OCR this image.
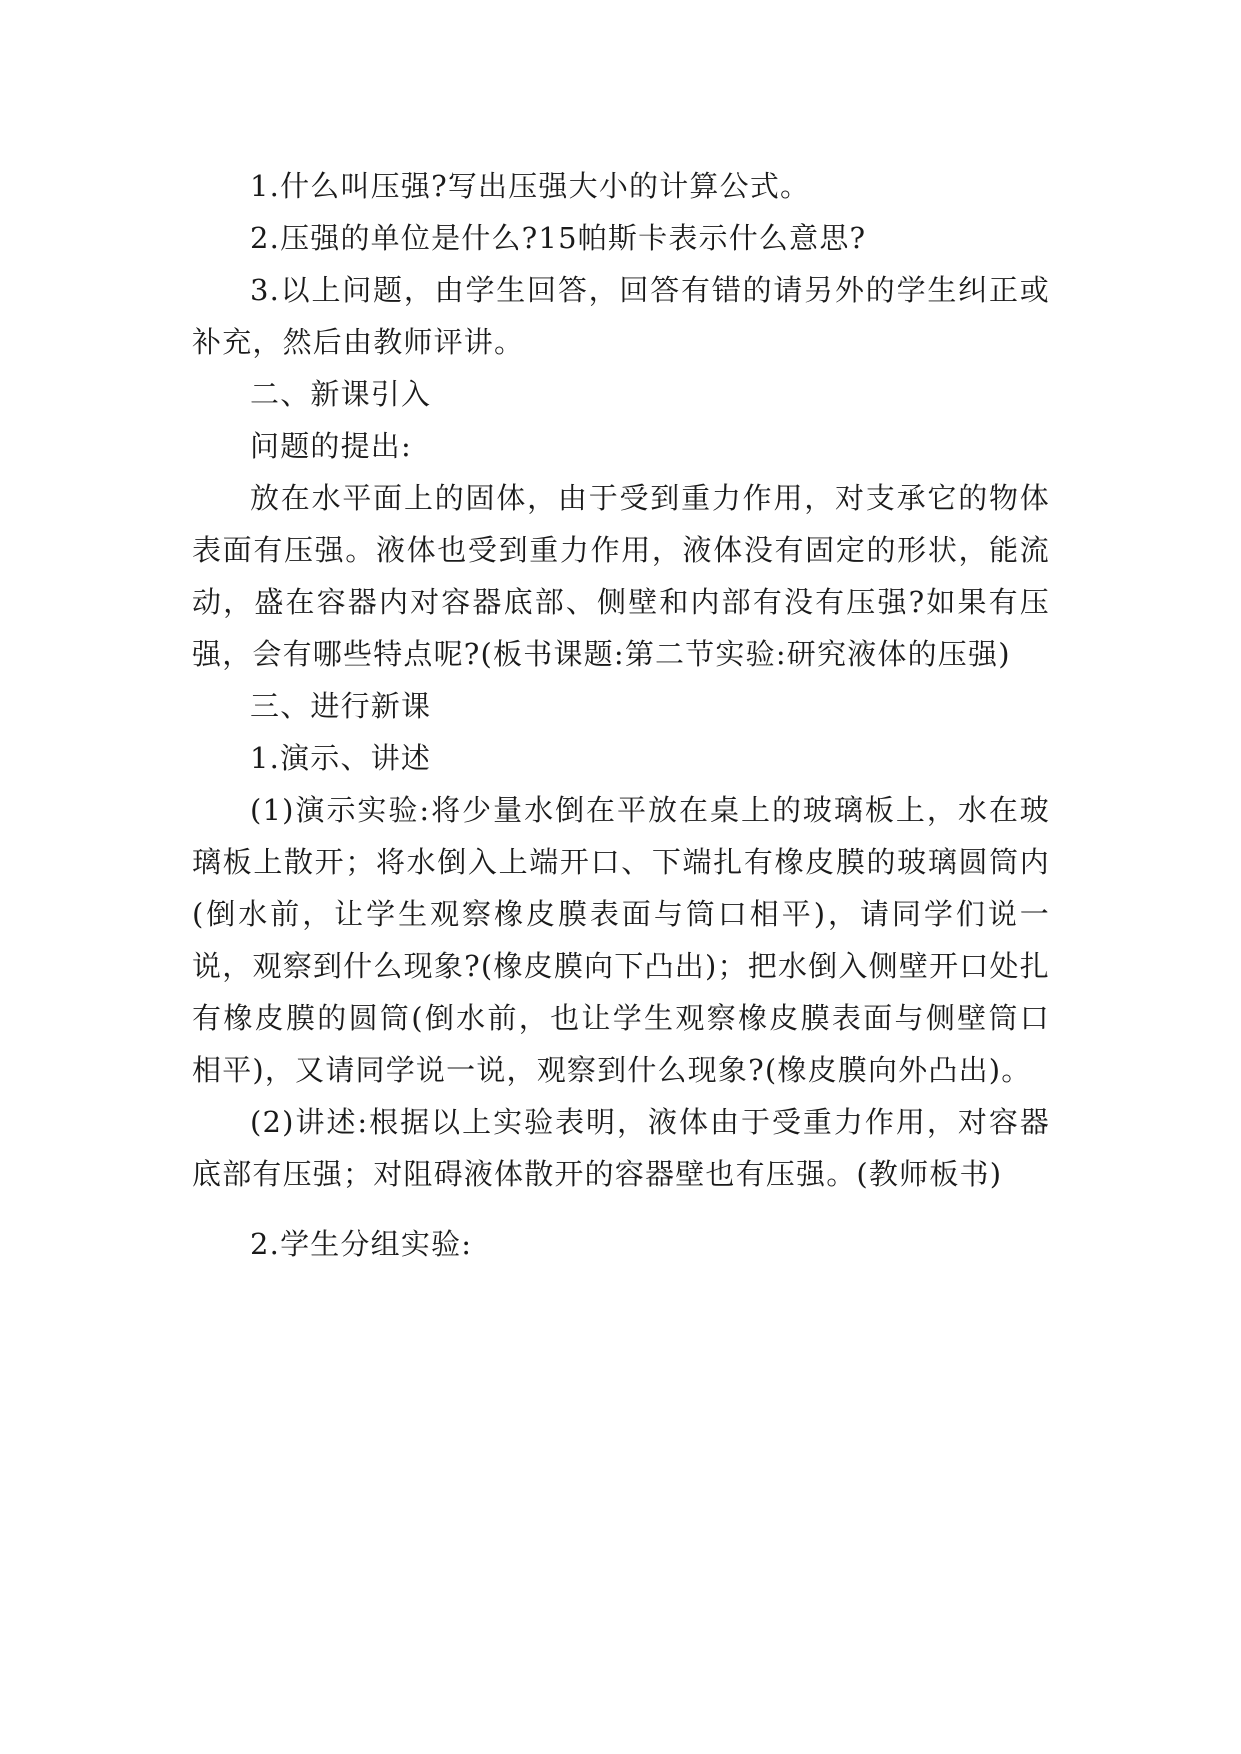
1.什么叫压强?写出压强大小的计算公式。

2.压强的单位是什么?15帕斯卡表示什么意思?

3.以上问题，由学生回答，回答有错的请另外的学生纠正或补充，然后由教师评讲。

二、新课引入

问题的提出:

放在水平面上的固体，由于受到重力作用，对支承它的物体表面有压强。液体也受到重力作用，液体没有固定的形状，能流动，盛在容器内对容器底部、侧壁和内部有没有压强?如果有压强，会有哪些特点呢?(板书课题:第二节实验:研究液体的压强)

三、进行新课

1.演示、讲述

(1)演示实验:将少量水倒在平放在桌上的玻璃板上，水在玻璃板上散开；将水倒入上端开口、下端扎有橡皮膜的玻璃圆筒内(倒水前，让学生观察橡皮膜表面与筒口相平)，请同学们说一说，观察到什么现象?(橡皮膜向下凸出)；把水倒入侧壁开口处扎有橡皮膜的圆筒(倒水前，也让学生观察橡皮膜表面与侧壁筒口相平)，又请同学说一说，观察到什么现象?(橡皮膜向外凸出)。

(2)讲述:根据以上实验表明，液体由于受重力作用，对容器底部有压强；对阻碍液体散开的容器壁也有压强。(教师板书)

2.学生分组实验:
